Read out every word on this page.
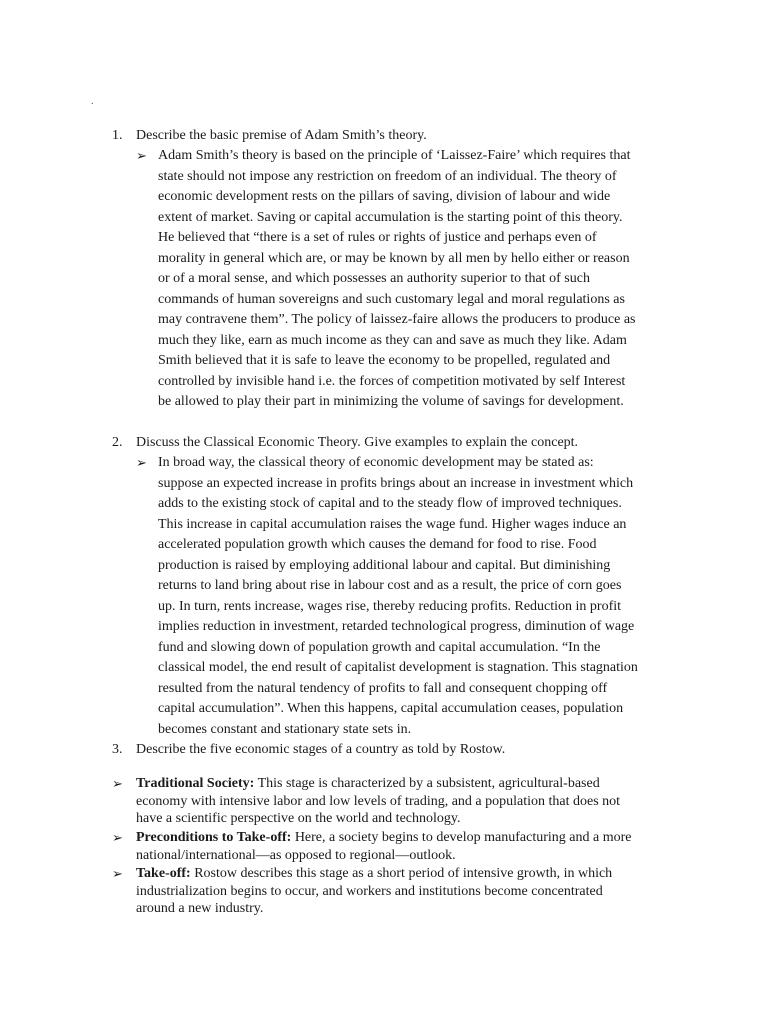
.
1. Describe the basic premise of Adam Smith’s theory.
➢ Adam Smith’s theory is based on the principle of ‘Laissez-Faire’ which requires that
state should not impose any restriction on freedom of an individual. The theory of
economic development rests on the pillars of saving, division of labour and wide
extent of market. Saving or capital accumulation is the starting point of this theory.
He believed that “there is a set of rules or rights of justice and perhaps even of
morality in general which are, or may be known by all men by hello either or reason
or of a moral sense, and which possesses an authority superior to that of such
commands of human sovereigns and such customary legal and moral regulations as
may contravene them”. The policy of laissez-faire allows the producers to produce as
much they like, earn as much income as they can and save as much they like. Adam
Smith believed that it is safe to leave the economy to be propelled, regulated and
controlled by invisible hand i.e. the forces of competition motivated by self Interest
be allowed to play their part in minimizing the volume of savings for development.
2. Discuss the Classical Economic Theory. Give examples to explain the concept.
➢ In broad way, the classical theory of economic development may be stated as:
suppose an expected increase in profits brings about an increase in investment which
adds to the existing stock of capital and to the steady flow of improved techniques.
This increase in capital accumulation raises the wage fund. Higher wages induce an
accelerated population growth which causes the demand for food to rise. Food
production is raised by employing additional labour and capital. But diminishing
returns to land bring about rise in labour cost and as a result, the price of corn goes
up. In turn, rents increase, wages rise, thereby reducing profits. Reduction in profit
implies reduction in investment, retarded technological progress, diminution of wage
fund and slowing down of population growth and capital accumulation. “In the
classical model, the end result of capitalist development is stagnation. This stagnation
resulted from the natural tendency of profits to fall and consequent chopping off
capital accumulation”. When this happens, capital accumulation ceases, population
becomes constant and stationary state sets in.
3. Describe the five economic stages of a country as told by Rostow.
➢ Traditional Society: This stage is characterized by a subsistent, agricultural-based
economy with intensive labor and low levels of trading, and a population that does not
have a scientific perspective on the world and technology.
➢ Preconditions to Take-off: Here, a society begins to develop manufacturing and a more
national/international—as opposed to regional—outlook.
➢ Take-off: Rostow describes this stage as a short period of intensive growth, in which
industrialization begins to occur, and workers and institutions become concentrated
around a new industry.
